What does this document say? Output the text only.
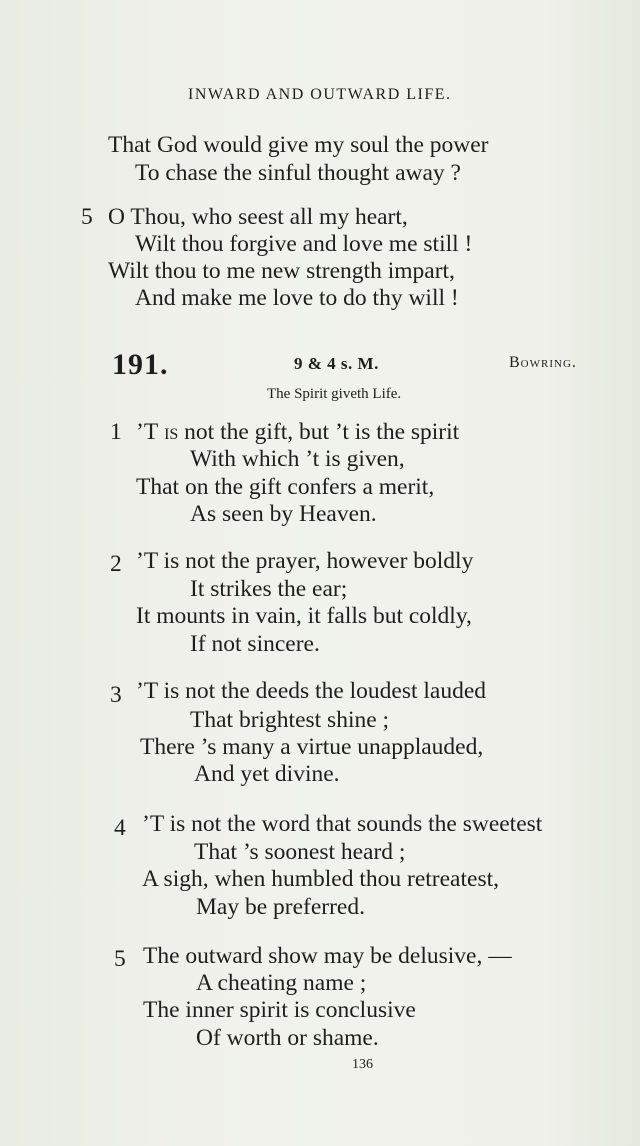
INWARD AND OUTWARD LIFE.
That God would give my soul the power
To chase the sinful thought away ?
5 O Thou, who seest all my heart,
Wilt thou forgive and love me still !
Wilt thou to me new strength impart,
And make me love to do thy will !
191.	9 & 4 s. M.	Bowring.
The Spirit giveth Life.
1 ’T is not the gift, but ’t is the spirit
With which ’t is given,
That on the gift confers a merit,
As seen by Heaven.
2 ’T is not the prayer, however boldly
It strikes the ear;
It mounts in vain, it falls but coldly,
If not sincere.
3 ’T is not the deeds the loudest lauded
That brightest shine ;
There ’s many a virtue unapplauded,
And yet divine.
4 ’T is not the word that sounds the sweetest
That ’s soonest heard ;
A sigh, when humbled thou retreatest,
May be preferred.
5 The outward show may be delusive, —
A cheating name ;
The inner spirit is conclusive
Of worth or shame.
136
